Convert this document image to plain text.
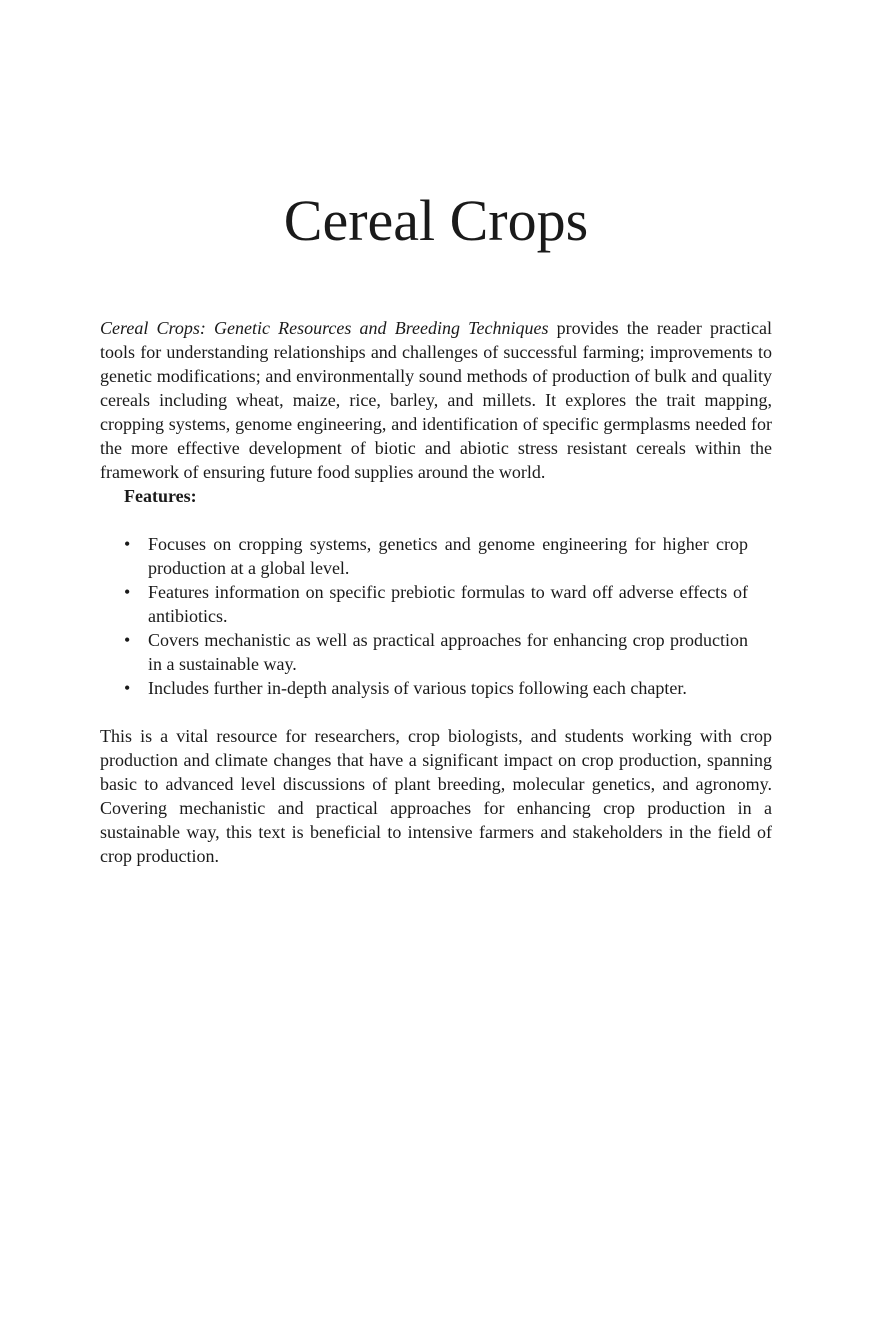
Cereal Crops

Cereal Crops: Genetic Resources and Breeding Techniques provides the reader practical tools for understanding relationships and challenges of successful farming; improvements to genetic modifications; and environmentally sound methods of production of bulk and quality cereals including wheat, maize, rice, barley, and millets. It explores the trait mapping, cropping systems, genome engineering, and identification of specific germplasms needed for the more effective development of biotic and abiotic stress resistant cereals within the framework of ensuring future food supplies around the world.

Features:

• Focuses on cropping systems, genetics and genome engineering for higher crop production at a global level.
• Features information on specific prebiotic formulas to ward off adverse effects of antibiotics.
• Covers mechanistic as well as practical approaches for enhancing crop production in a sustainable way.
• Includes further in-depth analysis of various topics following each chapter.

This is a vital resource for researchers, crop biologists, and students working with crop production and climate changes that have a significant impact on crop production, spanning basic to advanced level discussions of plant breeding, molecular genetics, and agronomy. Covering mechanistic and practical approaches for enhancing crop production in a sustainable way, this text is beneficial to intensive farmers and stakeholders in the field of crop production.
